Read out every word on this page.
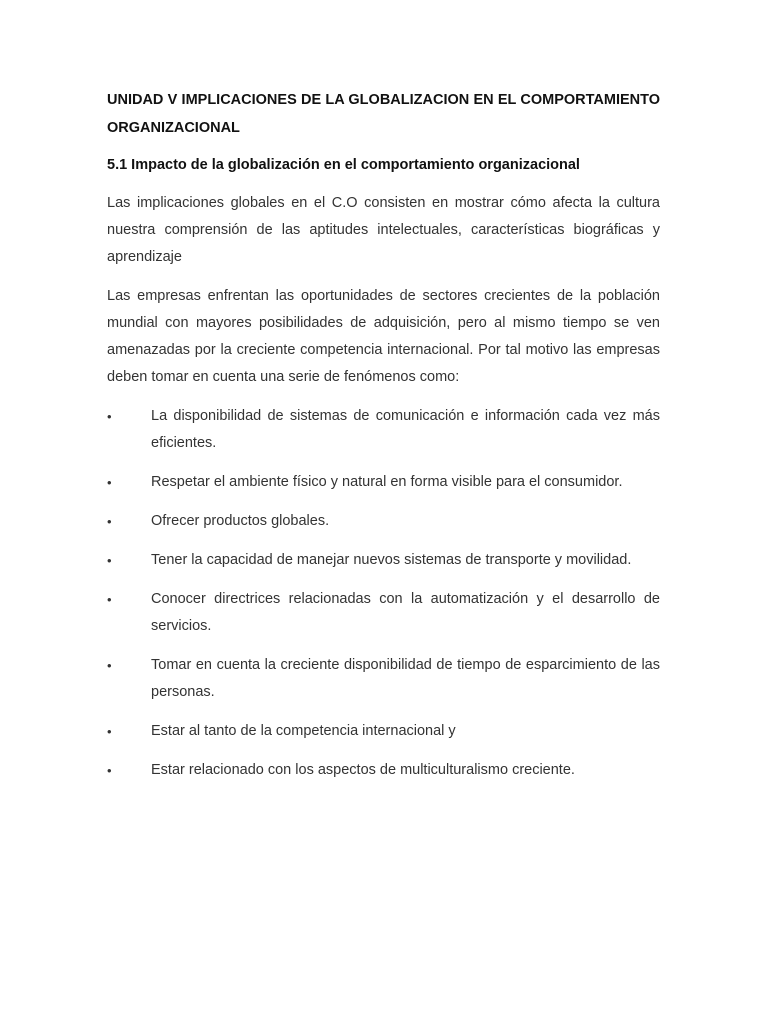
UNIDAD V IMPLICACIONES DE LA GLOBALIZACION EN EL COMPORTAMIENTO ORGANIZACIONAL
5.1 Impacto de la globalización en el comportamiento organizacional

Las implicaciones globales en el C.O consisten en mostrar cómo afecta la cultura nuestra comprensión de las aptitudes intelectuales, características biográficas y aprendizaje

Las empresas enfrentan las oportunidades de sectores crecientes de la población mundial con mayores posibilidades de adquisición, pero al mismo tiempo se ven amenazadas por la creciente competencia internacional. Por tal motivo las empresas deben tomar en cuenta una serie de fenómenos como:

•	La disponibilidad de sistemas de comunicación e información cada vez más eficientes.
•	Respetar el ambiente físico y natural en forma visible para el consumidor.
•	Ofrecer productos globales.
•	Tener la capacidad de manejar nuevos sistemas de transporte y movilidad.
•	Conocer directrices relacionadas con la automatización y el desarrollo de servicios.
•	Tomar en cuenta la creciente disponibilidad de tiempo de esparcimiento de las personas.
•	Estar al tanto de la competencia internacional y
•	Estar relacionado con los aspectos de multiculturalismo creciente.
